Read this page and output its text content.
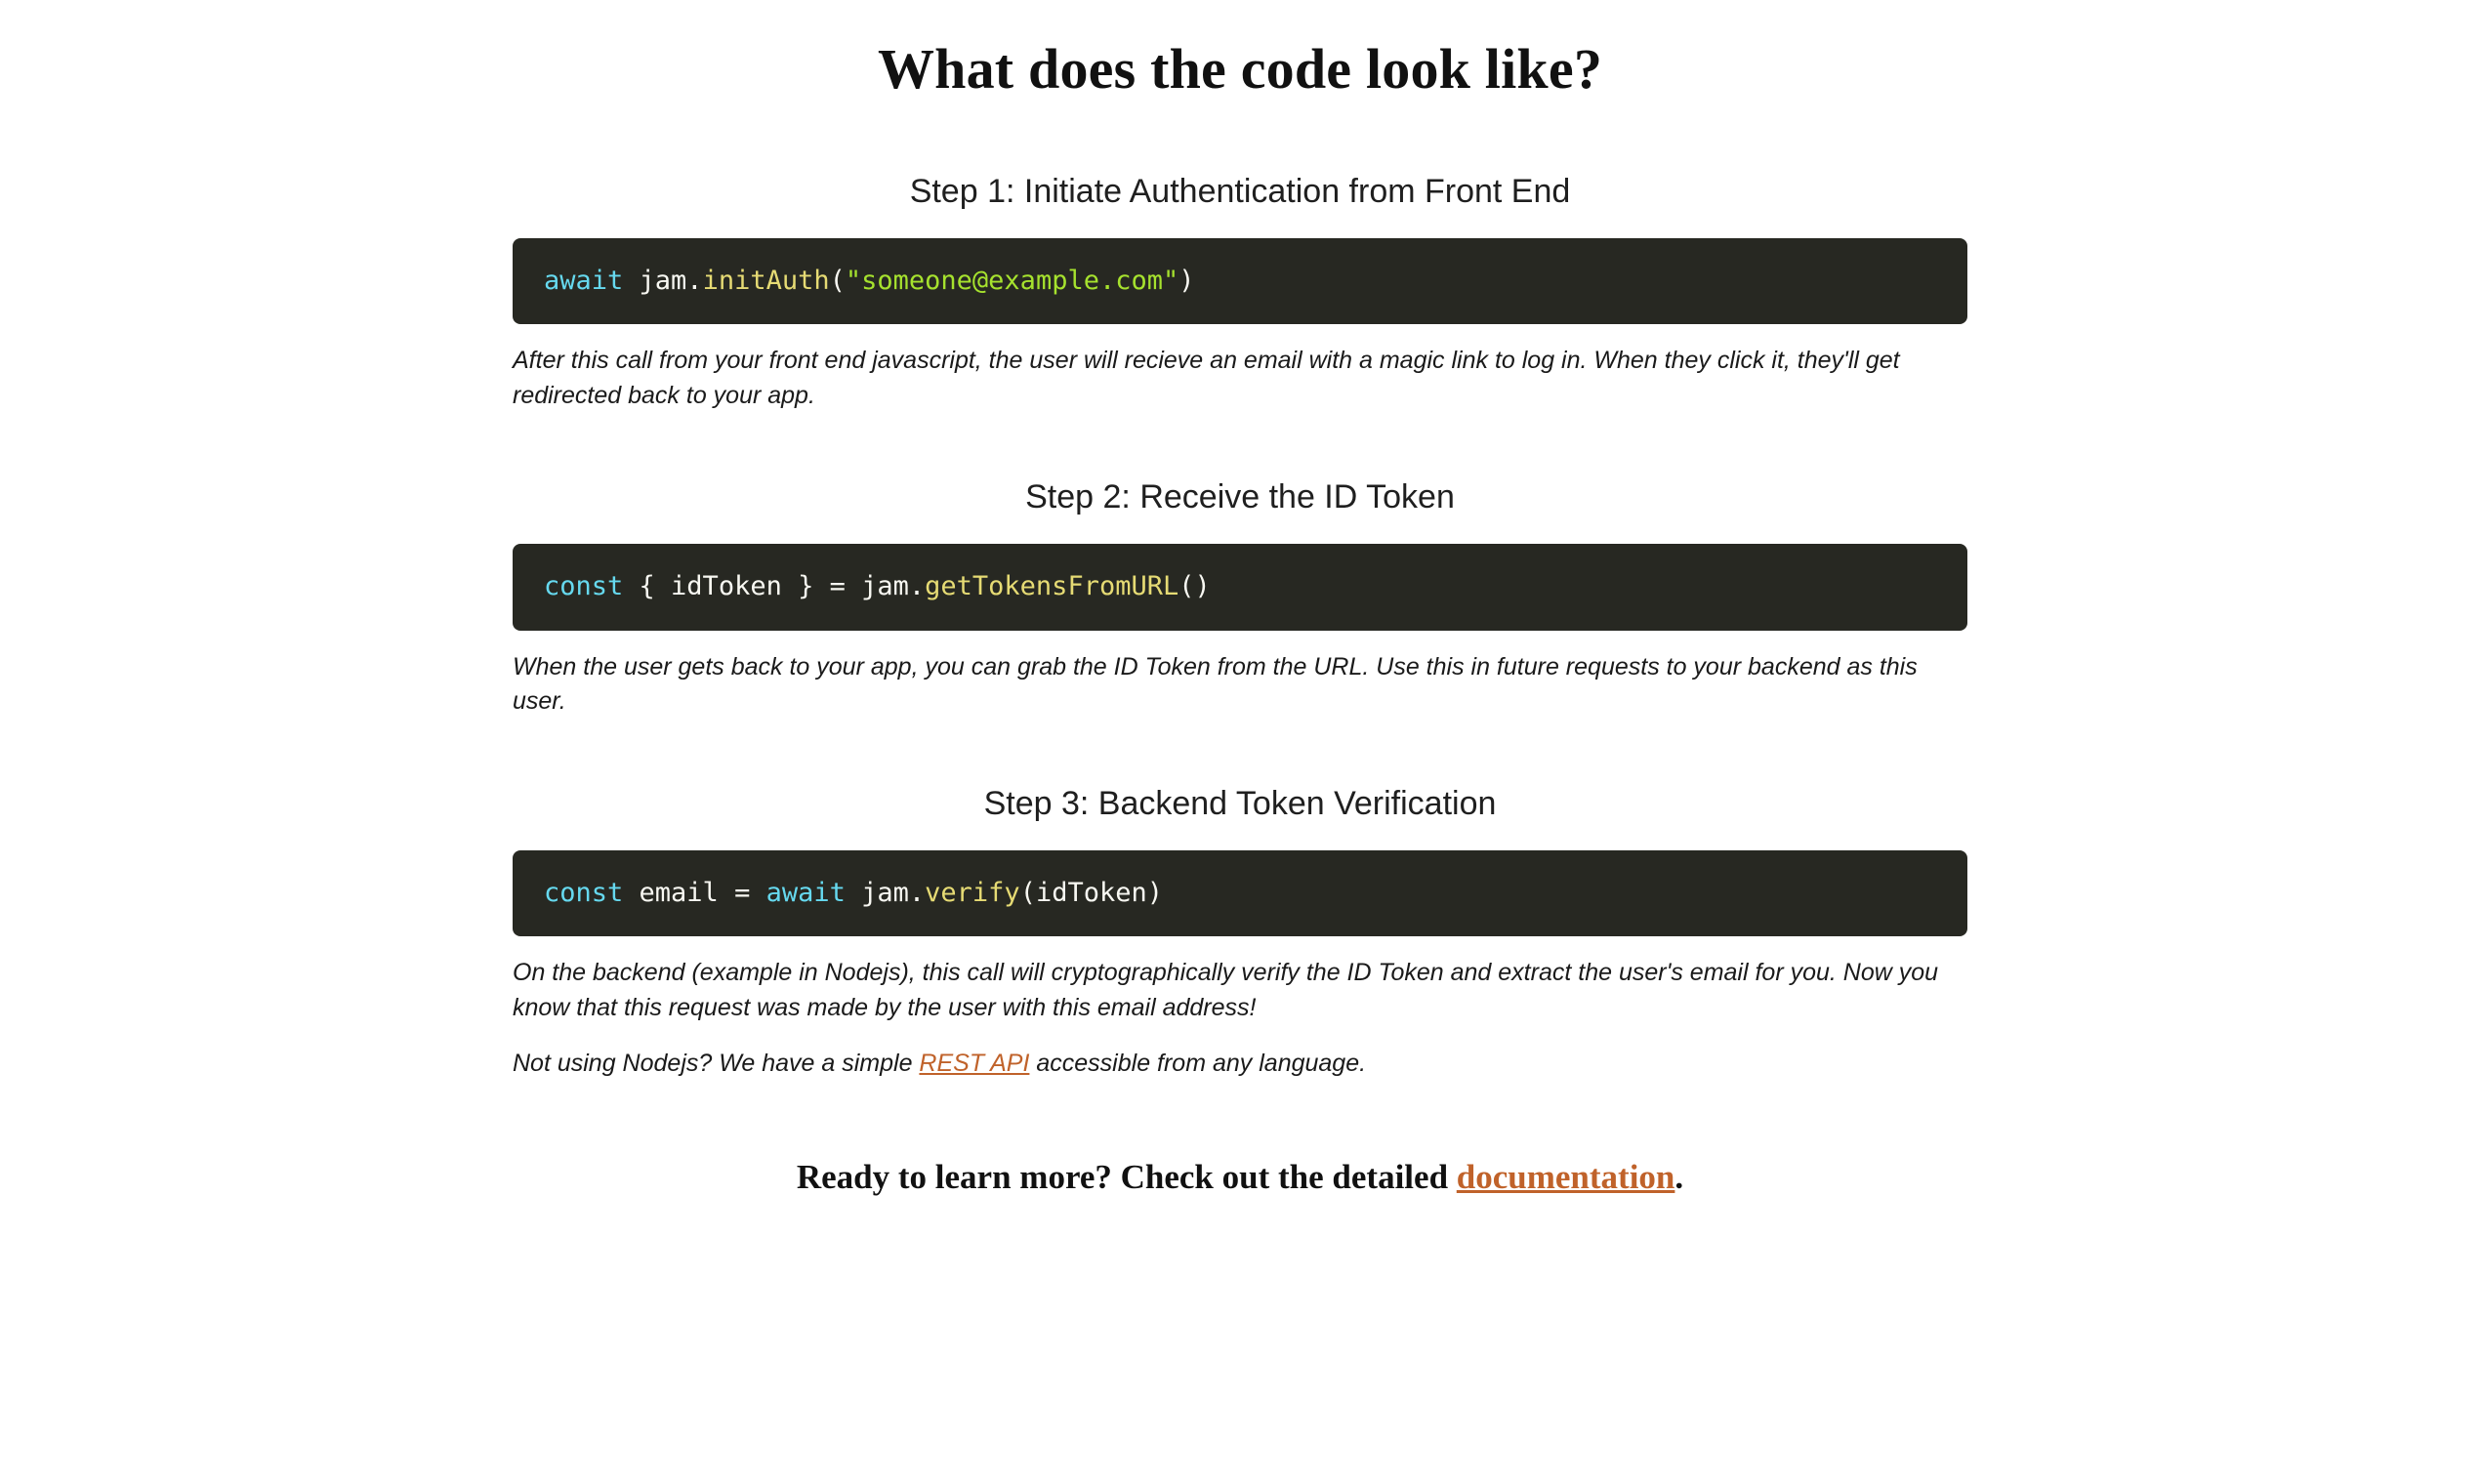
What does the code look like?
Step 1: Initiate Authentication from Front End
await jam.initAuth("someone@example.com")

After this call from your front end javascript, the user will recieve an email with a magic link to log in. When they click it, they'll get redirected back to your app.

Step 2: Receive the ID Token
const { idToken } = jam.getTokensFromURL()

When the user gets back to your app, you can grab the ID Token from the URL. Use this in future requests to your backend as this user.

Step 3: Backend Token Verification
const email = await jam.verify(idToken)

On the backend (example in Nodejs), this call will cryptographically verify the ID Token and extract the user's email for you. Now you know that this request was made by the user with this email address!

Not using Nodejs? We have a simple REST API accessible from any language.

Ready to learn more? Check out the detailed documentation.
